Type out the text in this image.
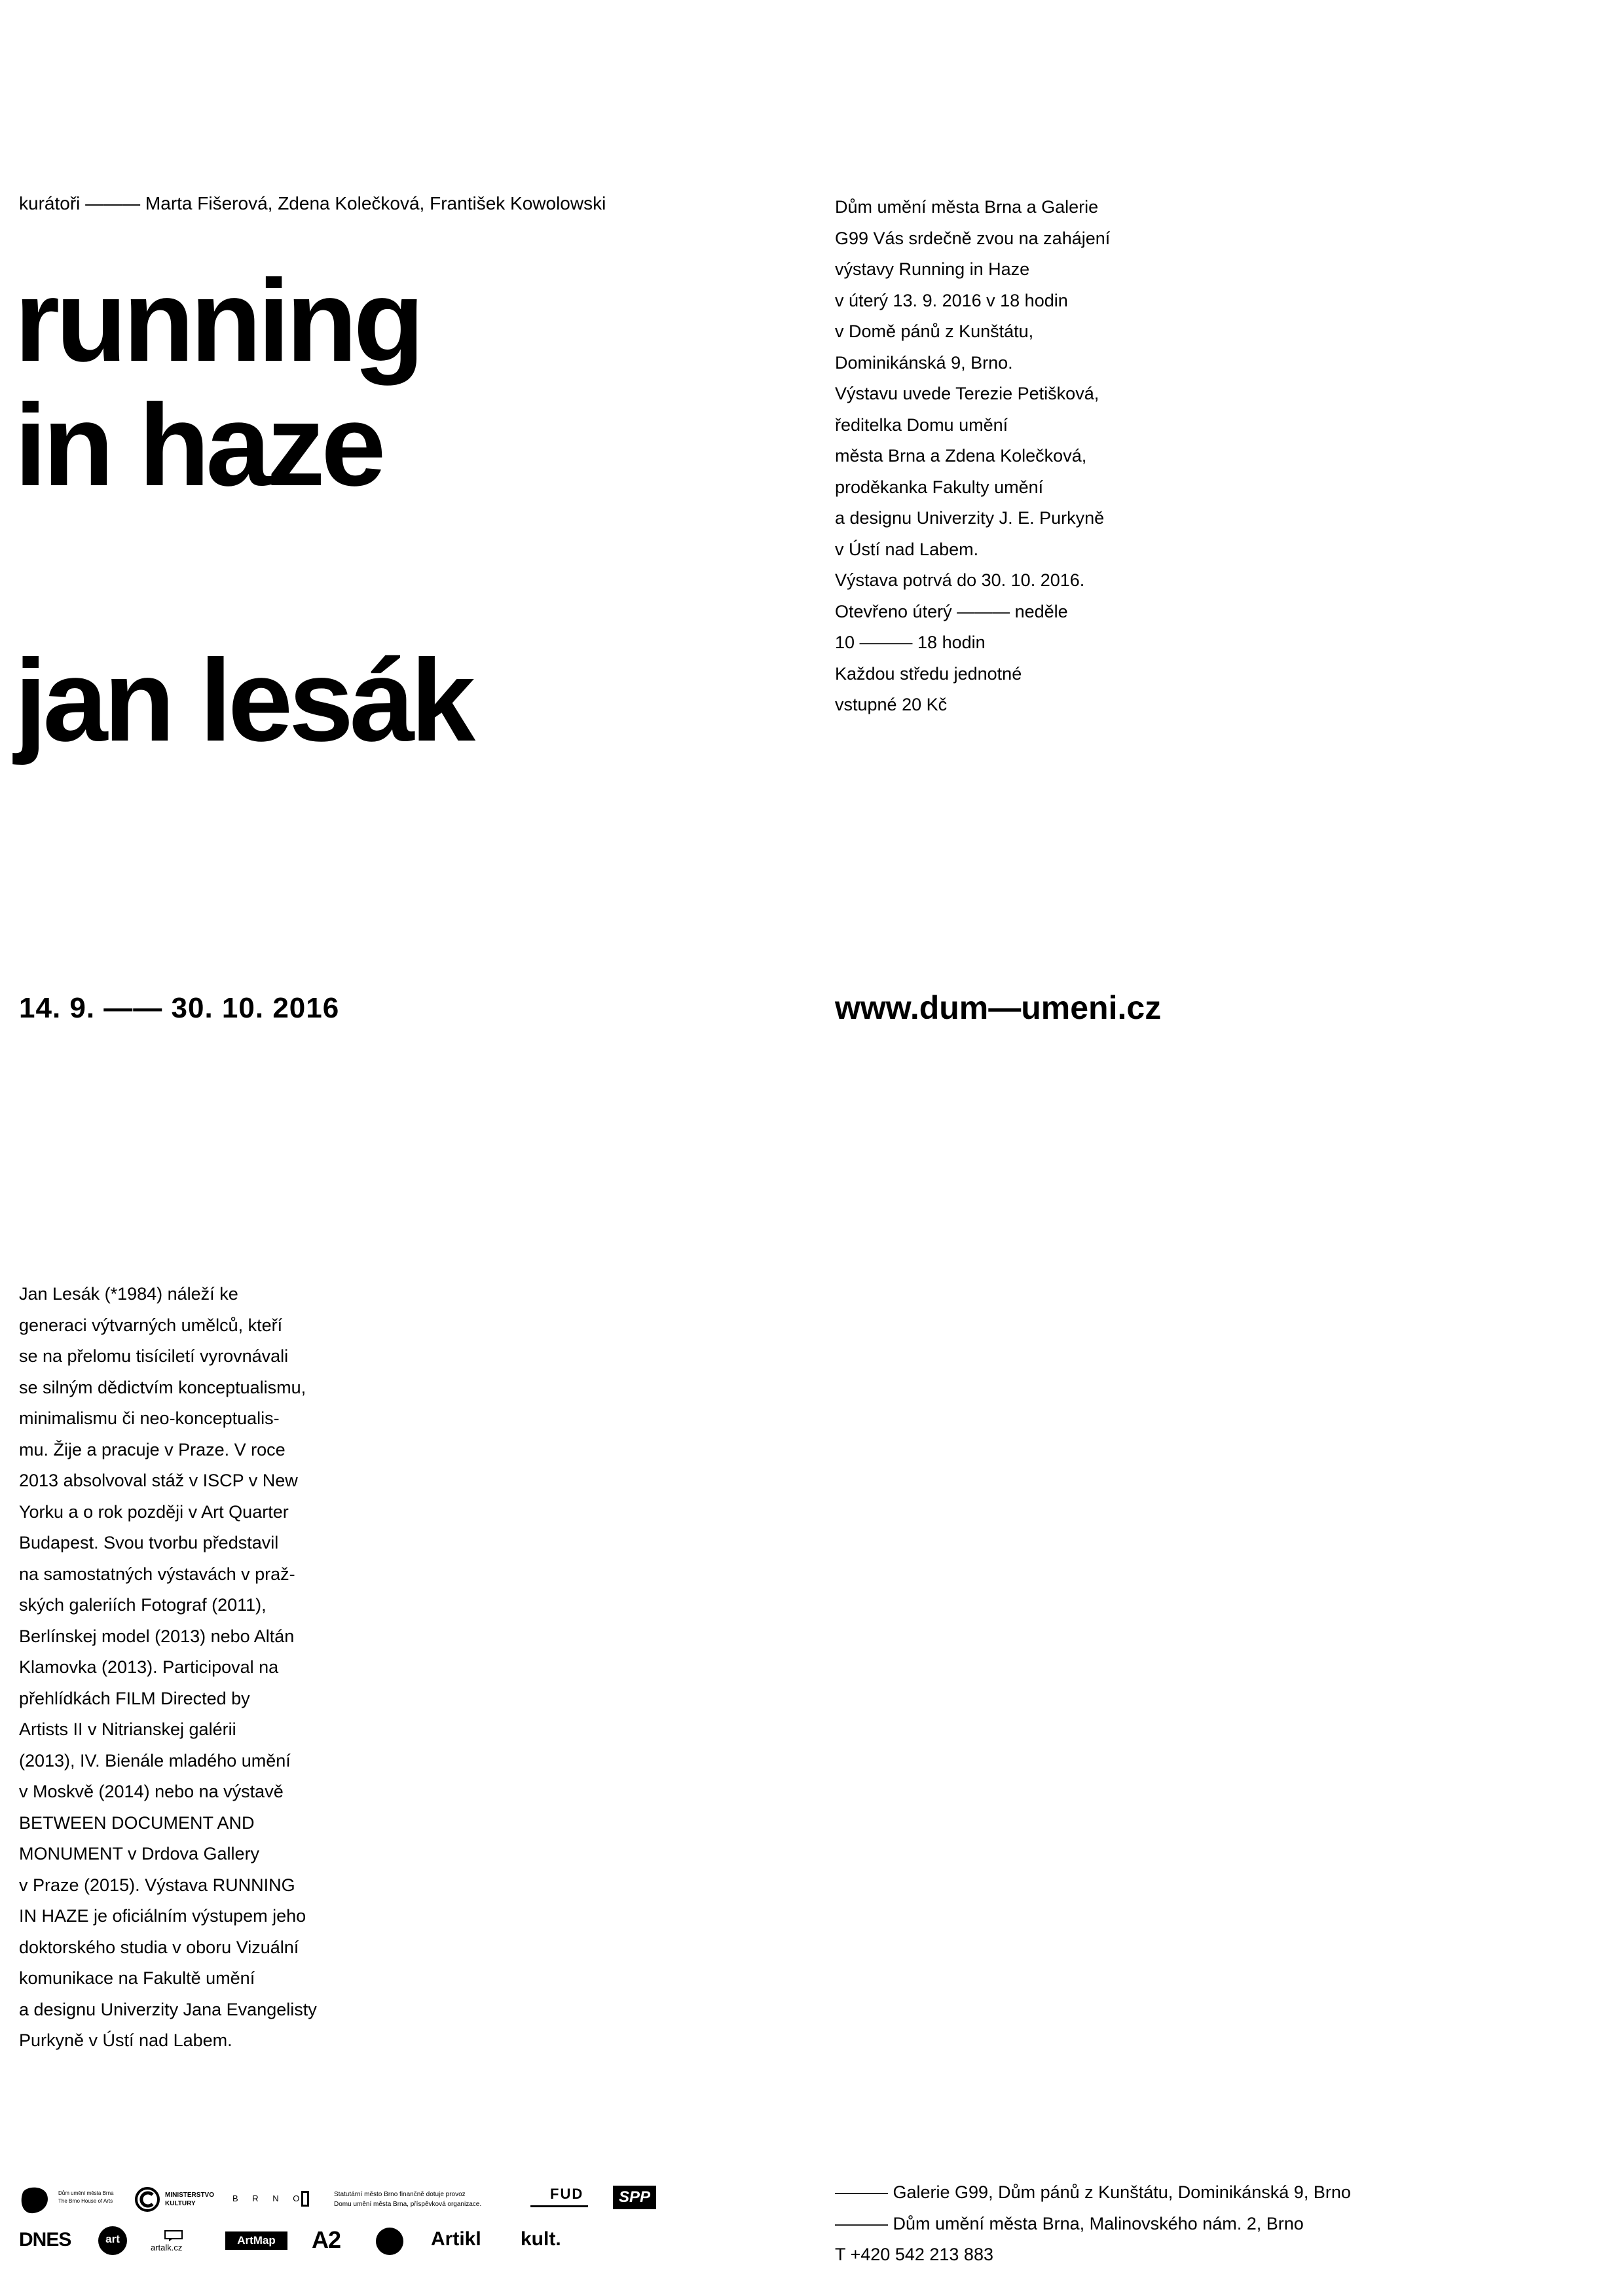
kurátoři ——— Marta Fišerová, Zdena Kolečková, František Kowolowski
running
in haze
jan lesák
Dům umění města Brna a Galerie
G99 Vás srdečně zvou na zahájení
výstavy Running in Haze
v úterý 13. 9. 2016 v 18 hodin
v Domě pánů z Kunštátu,
Dominikánská 9, Brno.
Výstavu uvede Terezie Petišková,
ředitelka Domu umění
města Brna a Zdena Kolečková,
proděkanka Fakulty umění
a designu Univerzity J. E. Purkyně
v Ústí nad Labem.
Výstava potrvá do 30. 10. 2016.
Otevřeno úterý ——— neděle
10 ——— 18 hodin
Každou středu jednotné
vstupné 20 Kč
14. 9. —— 30. 10. 2016	www.dum—umeni.cz
Jan Lesák (*1984) náleží ke
generaci výtvarných umělců, kteří
se na přelomu tisíciletí vyrovnávali
se silným dědictvím konceptualismu,
minimalismu či neo-konceptualis-
mu. Žije a pracuje v Praze. V roce
2013 absolvoval stáž v ISCP v New
Yorku a o rok později v Art Quarter
Budapest. Svou tvorbu představil
na samostatných výstavách v praž-
ských galeriích Fotograf (2011),
Berlínskej model (2013) nebo Altán
Klamovka (2013). Participoval na
přehlídkách FILM Directed by
Artists II v Nitrianskej galérii
(2013), IV. Bienále mladého umění
v Moskvě (2014) nebo na výstavě
BETWEEN DOCUMENT AND
MONUMENT v Drdova Gallery
v Praze (2015). Výstava RUNNING
IN HAZE je oficiálním výstupem jeho
doktorského studia v oboru Vizuální
komunikace na Fakultě umění
a designu Univerzity Jana Evangelisty
Purkyně v Ústí nad Labem.
——— Galerie G99, Dům pánů z Kunštátu, Dominikánská 9, Brno
——— Dům umění města Brna, Malinovského nám. 2, Brno
T +420 542 213 883
Dům umění města Brna
The Brno House of Arts
MINISTERSTVO
KULTURY
B R N O	Statutární město Brno finančně dotuje provoz
Domu umění města Brna, příspěvková organizace.
FUD	SPP
DNES	art
artalk.cz
ArtMap	A2	Artikl kult.
